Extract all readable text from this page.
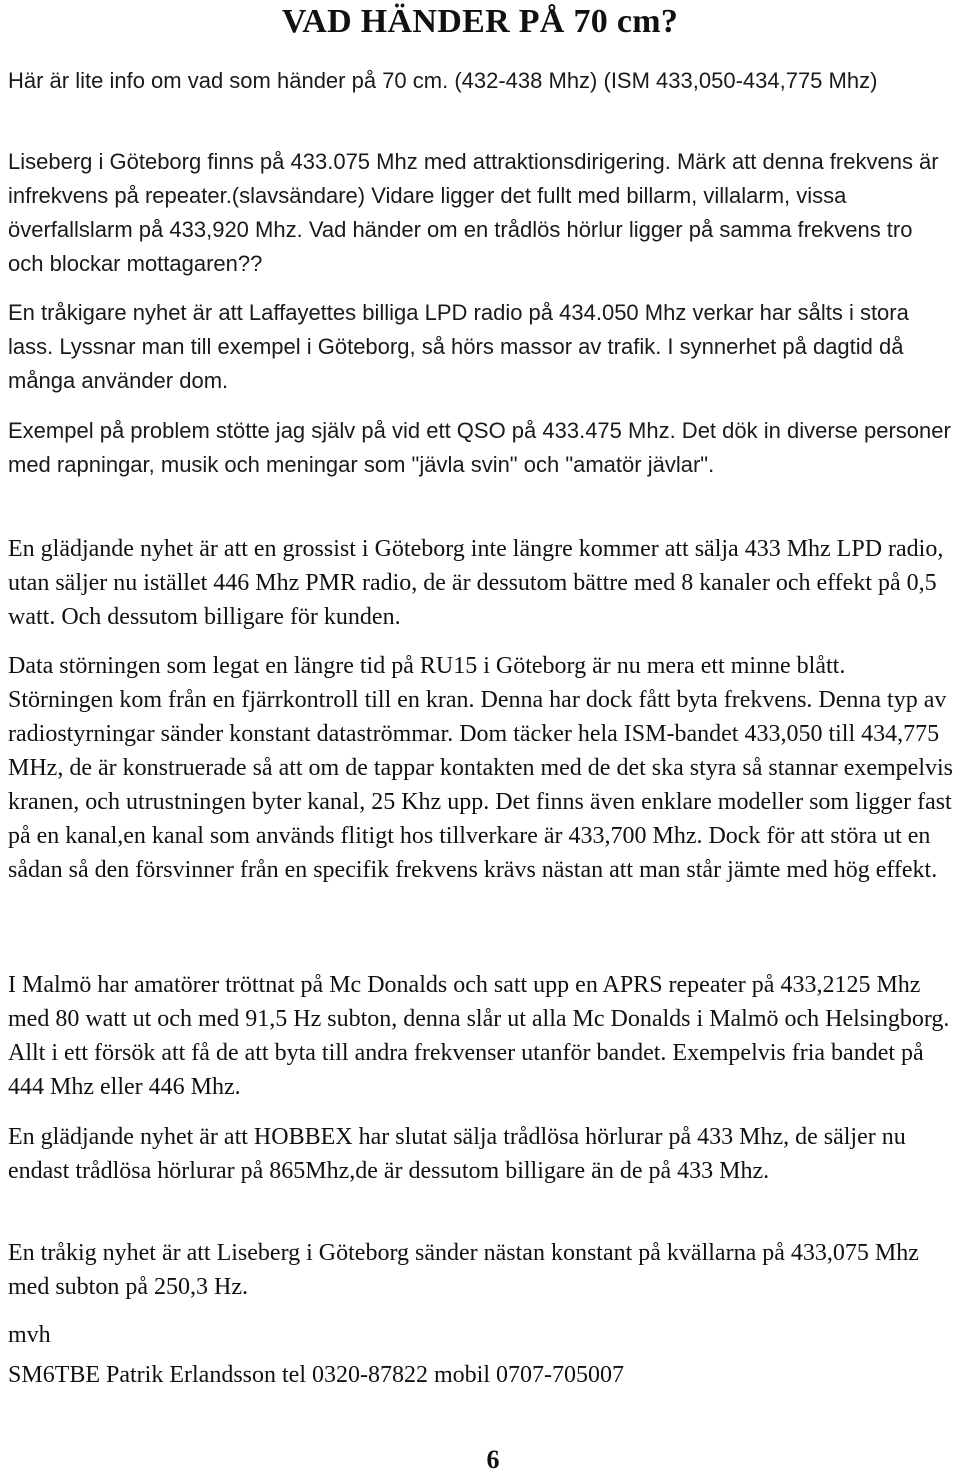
VAD HÄNDER PÅ 70 cm?

Här är lite info om vad som händer på 70 cm. (432-438 Mhz) (ISM 433,050-434,775 Mhz)

Liseberg i Göteborg finns på 433.075 Mhz med attraktionsdirigering. Märk att denna frekvens är infrekvens på repeater.(slavsändare) Vidare ligger det fullt med billarm, villalarm, vissa överfallslarm på 433,920 Mhz. Vad händer om en trådlös hörlur ligger på samma frekvens tro och blockar mottagaren??

En tråkigare nyhet är att Laffayettes billiga LPD radio på 434.050 Mhz verkar har sålts i stora lass. Lyssnar man till exempel i Göteborg, så hörs massor av trafik. I synnerhet på dagtid då många använder dom.

Exempel på problem stötte jag själv på vid ett QSO på 433.475 Mhz. Det dök in diverse personer med rapningar, musik och meningar som "jävla svin" och "amatör jävlar".

En glädjande nyhet är att en grossist i Göteborg inte längre kommer att sälja 433 Mhz LPD radio, utan säljer nu istället 446 Mhz PMR radio, de är dessutom bättre med 8 kanaler och effekt på 0,5 watt. Och dessutom billigare för kunden.

Data störningen som legat en längre tid på RU15 i Göteborg är nu mera ett minne blått. Störningen kom från en fjärrkontroll till en kran. Denna har dock fått byta frekvens. Denna typ av radiostyrningar sänder konstant dataströmmar. Dom täcker hela ISM-bandet 433,050 till 434,775 MHz, de är konstruerade så att om de tappar kontakten med de det ska styra så stannar exempelvis kranen, och utrustningen byter kanal, 25 Khz upp. Det finns även enklare modeller som ligger fast på en kanal,en kanal som används flitigt hos tillverkare är 433,700 Mhz. Dock för att störa ut en sådan så den försvinner från en specifik frekvens krävs nästan att man står jämte med hög effekt.

I Malmö har amatörer tröttnat på Mc Donalds och satt upp en APRS repeater på 433,2125 Mhz med 80 watt ut och med 91,5 Hz subton, denna slår ut alla Mc Donalds i Malmö och Helsingborg. Allt i ett försök att få de att byta till andra frekvenser utanför bandet. Exempelvis fria bandet på 444 Mhz eller 446 Mhz.

En glädjande nyhet är att HOBBEX har slutat sälja trådlösa hörlurar på 433 Mhz, de säljer nu endast trådlösa hörlurar på 865Mhz,de är dessutom billigare än de på 433 Mhz.

En tråkig nyhet är att Liseberg i Göteborg sänder nästan konstant på kvällarna på 433,075 Mhz med subton på 250,3 Hz.

mvh

SM6TBE Patrik Erlandsson tel 0320-87822 mobil 0707-705007

6
